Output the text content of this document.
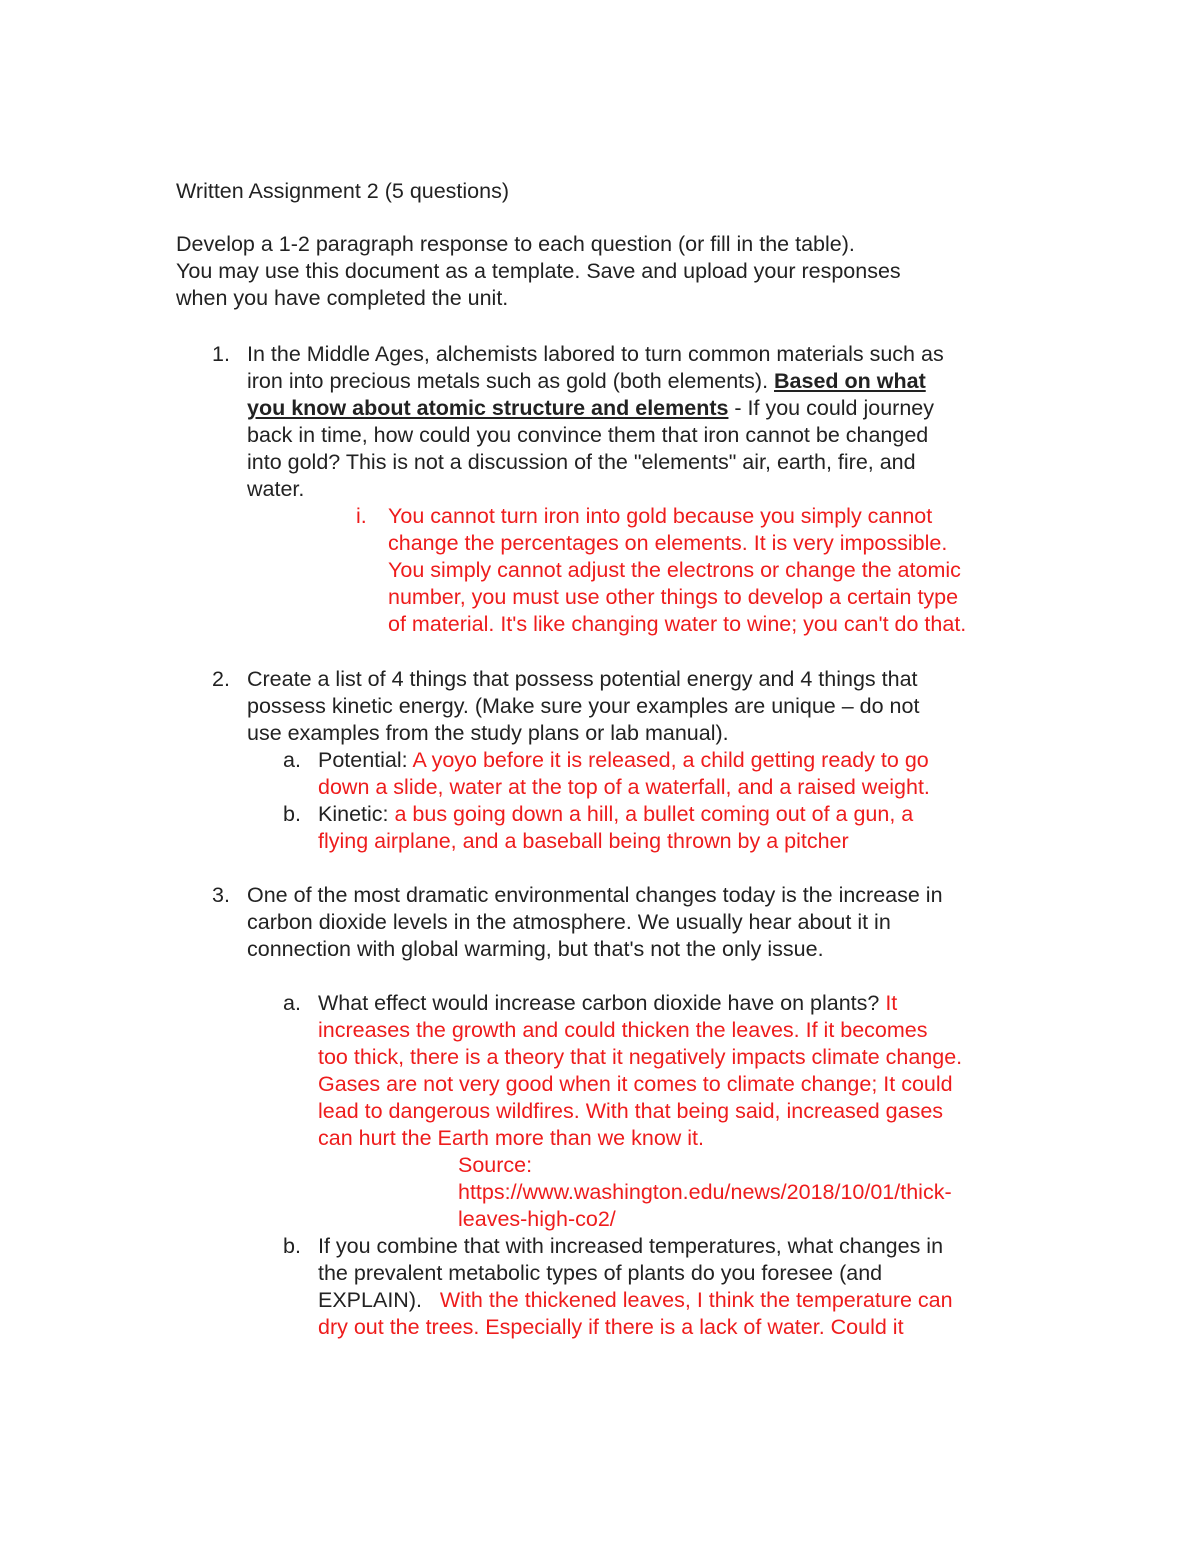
Written Assignment 2 (5 questions)
Develop a 1-2 paragraph response to each question (or fill in the table).
You may use this document as a template. Save and upload your responses
when you have completed the unit.
1. In the Middle Ages, alchemists labored to turn common materials such as
iron into precious metals such as gold (both elements). Based on what
you know about atomic structure and elements - If you could journey
back in time, how could you convince them that iron cannot be changed
into gold? This is not a discussion of the "elements" air, earth, fire, and
water.
i. You cannot turn iron into gold because you simply cannot
change the percentages on elements. It is very impossible.
You simply cannot adjust the electrons or change the atomic
number, you must use other things to develop a certain type
of material. It's like changing water to wine; you can't do that.
2. Create a list of 4 things that possess potential energy and 4 things that
possess kinetic energy. (Make sure your examples are unique – do not
use examples from the study plans or lab manual).
a. Potential: A yoyo before it is released, a child getting ready to go
down a slide, water at the top of a waterfall, and a raised weight.
b. Kinetic: a bus going down a hill, a bullet coming out of a gun, a
flying airplane, and a baseball being thrown by a pitcher
3. One of the most dramatic environmental changes today is the increase in
carbon dioxide levels in the atmosphere. We usually hear about it in
connection with global warming, but that's not the only issue.
a. What effect would increase carbon dioxide have on plants? It
increases the growth and could thicken the leaves. If it becomes
too thick, there is a theory that it negatively impacts climate change.
Gases are not very good when it comes to climate change; It could
lead to dangerous wildfires. With that being said, increased gases
can hurt the Earth more than we know it.
Source:
https://www.washington.edu/news/2018/10/01/thick-
leaves-high-co2/
b. If you combine that with increased temperatures, what changes in
the prevalent metabolic types of plants do you foresee (and
EXPLAIN).   With the thickened leaves, I think the temperature can
dry out the trees. Especially if there is a lack of water. Could it
